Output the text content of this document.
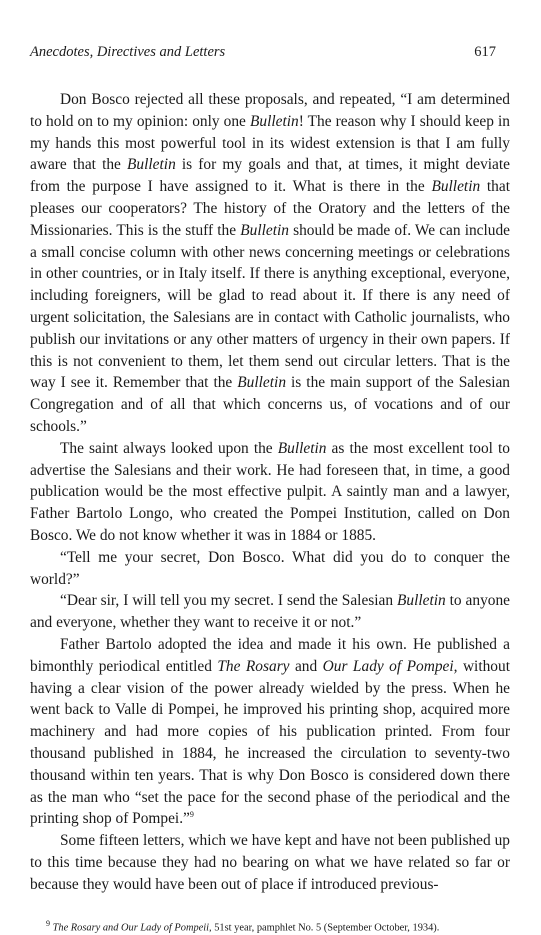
Anecdotes, Directives and Letters	617

Don Bosco rejected all these proposals, and repeated, “I am determined to hold on to my opinion: only one Bulletin! The reason why I should keep in my hands this most powerful tool in its widest extension is that I am fully aware that the Bulletin is for my goals and that, at times, it might deviate from the purpose I have assigned to it. What is there in the Bulletin that pleases our cooperators? The history of the Oratory and the letters of the Missionaries. This is the stuff the Bulletin should be made of. We can include a small concise column with other news concerning meetings or celebrations in other countries, or in Italy itself. If there is anything exceptional, everyone, including foreigners, will be glad to read about it. If there is any need of urgent solicitation, the Salesians are in contact with Catholic journalists, who publish our invitations or any other matters of urgency in their own papers. If this is not convenient to them, let them send out circular letters. That is the way I see it. Remember that the Bulletin is the main support of the Salesian Congregation and of all that which concerns us, of vocations and of our schools.”

The saint always looked upon the Bulletin as the most excellent tool to advertise the Salesians and their work. He had foreseen that, in time, a good publication would be the most effective pulpit. A saintly man and a lawyer, Father Bartolo Longo, who created the Pompei Institution, called on Don Bosco. We do not know whether it was in 1884 or 1885.

“Tell me your secret, Don Bosco. What did you do to conquer the world?”

“Dear sir, I will tell you my secret. I send the Salesian Bulletin to anyone and everyone, whether they want to receive it or not.”

Father Bartolo adopted the idea and made it his own. He published a bimonthly periodical entitled The Rosary and Our Lady of Pompei, without having a clear vision of the power already wielded by the press. When he went back to Valle di Pompei, he improved his printing shop, acquired more machinery and had more copies of his publication printed. From four thousand published in 1884, he increased the circulation to seventy-two thousand within ten years. That is why Don Bosco is considered down there as the man who “set the pace for the second phase of the periodical and the printing shop of Pompei.”$^9$

Some fifteen letters, which we have kept and have not been published up to this time because they had no bearing on what we have related so far or because they would have been out of place if introduced previous-

$^9$ The Rosary and Our Lady of Pompeii, 51st year, pamphlet No. 5 (September October, 1934).
